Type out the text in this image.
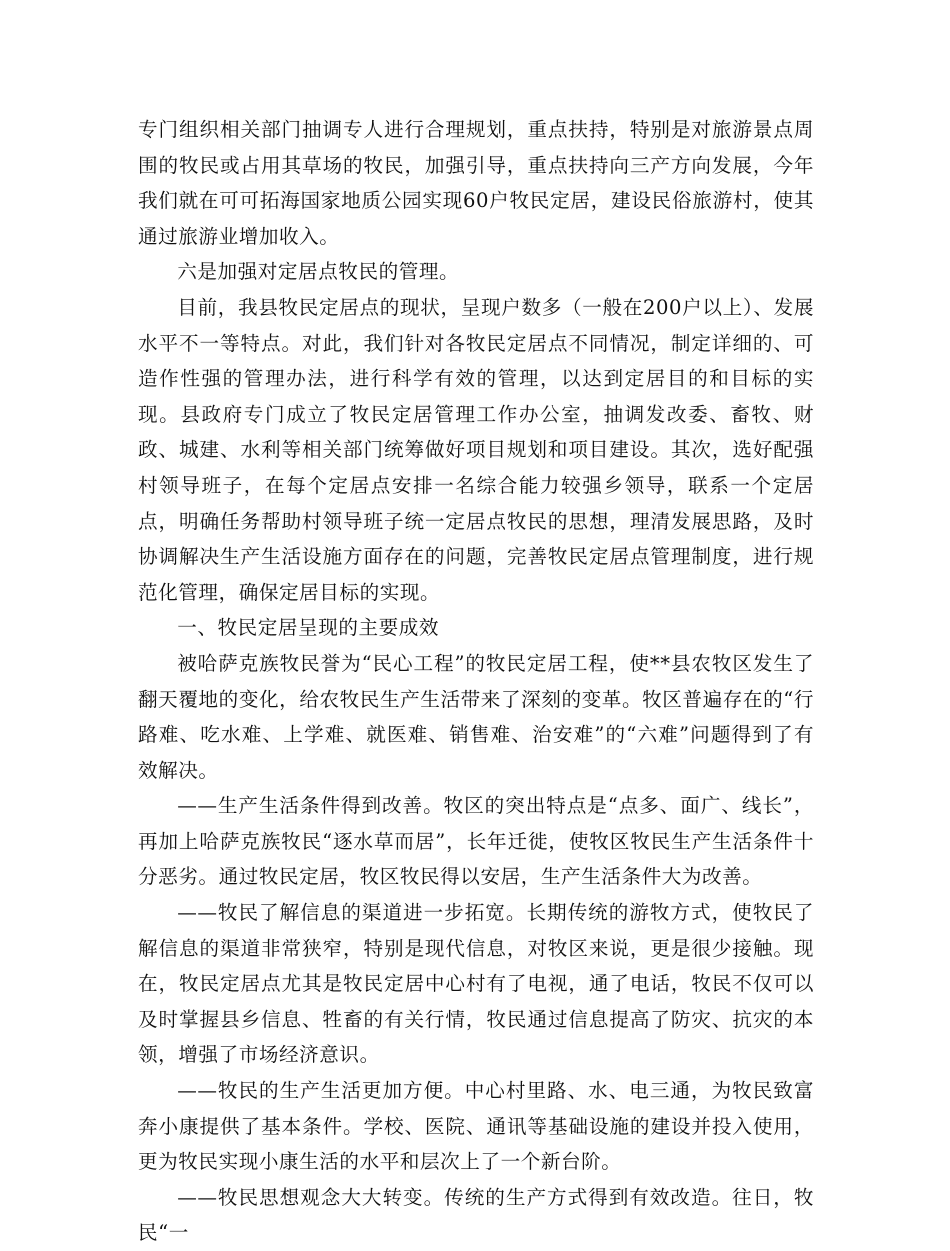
专门组织相关部门抽调专人进行合理规划，重点扶持，特别是对旅游景点周围的牧民或占用其草场的牧民，加强引导，重点扶持向三产方向发展，今年我们就在可可拓海国家地质公园实现60户牧民定居，建设民俗旅游村，使其通过旅游业增加收入。

六是加强对定居点牧民的管理。

目前，我县牧民定居点的现状，呈现户数多（一般在200户以上）、发展水平不一等特点。对此，我们针对各牧民定居点不同情况，制定详细的、可造作性强的管理办法，进行科学有效的管理，以达到定居目的和目标的实现。县政府专门成立了牧民定居管理工作办公室，抽调发改委、畜牧、财政、城建、水利等相关部门统筹做好项目规划和项目建设。其次，选好配强村领导班子，在每个定居点安排一名综合能力较强乡领导，联系一个定居点，明确任务帮助村领导班子统一定居点牧民的思想，理清发展思路，及时协调解决生产生活设施方面存在的问题，完善牧民定居点管理制度，进行规范化管理，确保定居目标的实现。

一、牧民定居呈现的主要成效

被哈萨克族牧民誉为“民心工程”的牧民定居工程，使**县农牧区发生了翻天覆地的变化，给农牧民生产生活带来了深刻的变革。牧区普遍存在的“行路难、吃水难、上学难、就医难、销售难、治安难”的“六难”问题得到了有效解决。

——生产生活条件得到改善。牧区的突出特点是“点多、面广、线长”，再加上哈萨克族牧民“逐水草而居”，长年迁徙，使牧区牧民生产生活条件十分恶劣。通过牧民定居，牧区牧民得以安居，生产生活条件大为改善。

——牧民了解信息的渠道进一步拓宽。长期传统的游牧方式，使牧民了解信息的渠道非常狭窄，特别是现代信息，对牧区来说，更是很少接触。现在，牧民定居点尤其是牧民定居中心村有了电视，通了电话，牧民不仅可以及时掌握县乡信息、牲畜的有关行情，牧民通过信息提高了防灾、抗灾的本领，增强了市场经济意识。

——牧民的生产生活更加方便。中心村里路、水、电三通，为牧民致富奔小康提供了基本条件。学校、医院、通讯等基础设施的建设并投入使用，更为牧民实现小康生活的水平和层次上了一个新台阶。

——牧民思想观念大大转变。传统的生产方式得到有效改造。往日，牧民“一
